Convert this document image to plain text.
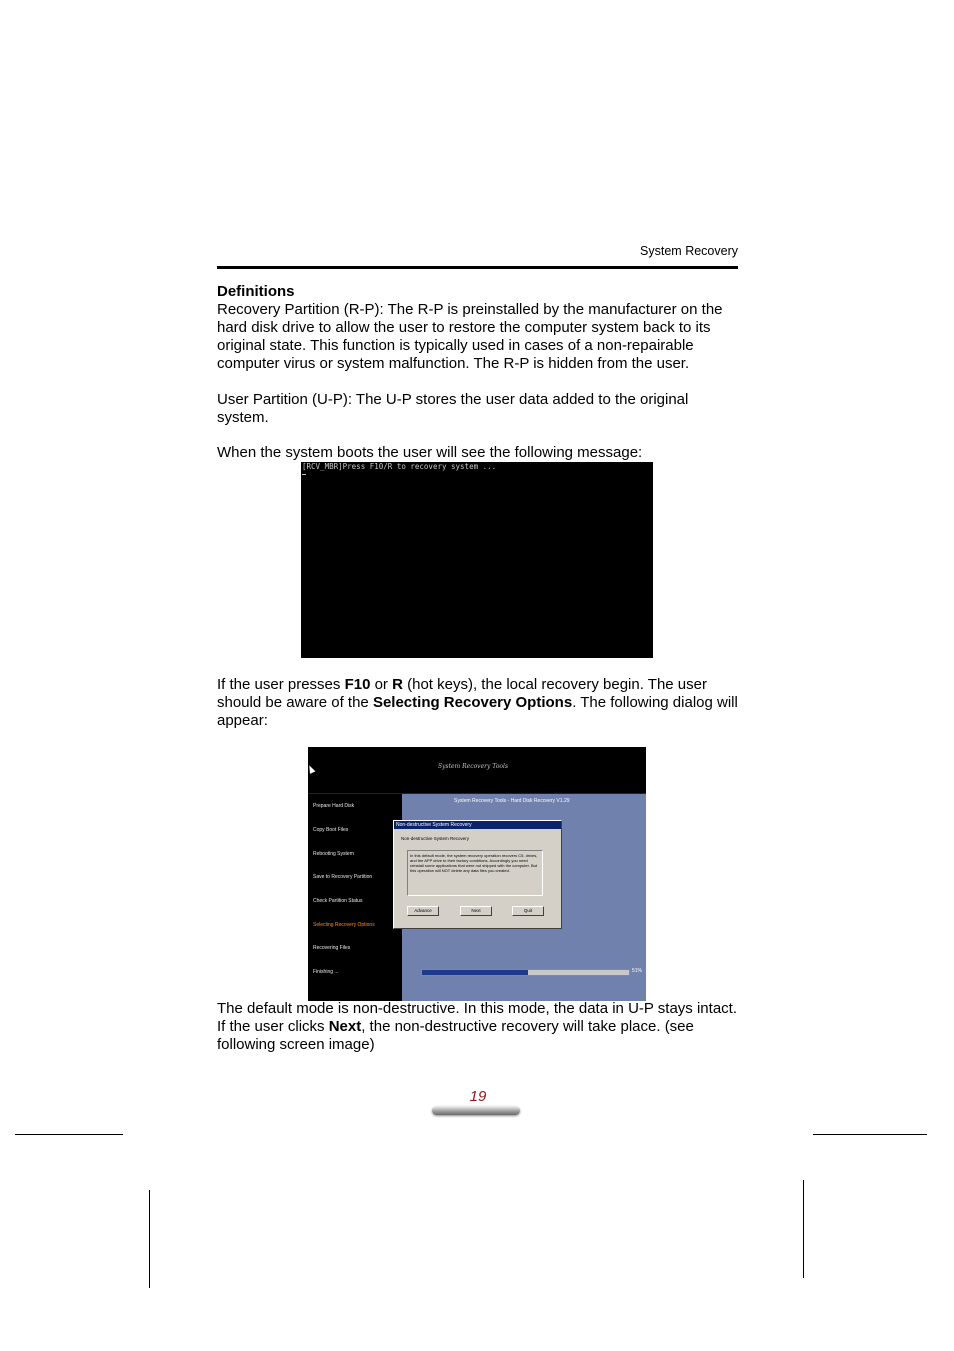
System Recovery

Definitions

Recovery Partition (R-P): The R-P is preinstalled by the manufacturer on the hard disk drive to allow the user to restore the computer system back to its original state. This function is typically used in cases of a non-repairable computer virus or system malfunction. The R-P is hidden from the user.

User Partition (U-P): The U-P stores the user data added to the original system.

When the system boots the user will see the following message:

[RCV_MBR]Press F10/R to recovery system ...

If the user presses F10 or R (hot keys), the local recovery begin. The user should be aware of the Selecting Recovery Options. The following dialog will appear:

System Recovery Tools
Prepare Hard Disk
Copy Boot Files
Rebooting System
Save to Recovery Partition
Check Partition Status
Selecting Recovery Options
Recovering Files
Finishing ...
System Recovery Tools - Hard Disk Recovery V1.29
51%
Non-destructive System Recovery
Non-destructive System Recovery
In this default mode, the system recovery operation recovers C5, drives, and the APP drive to their factory conditions. Accordingly you need reinstall some applications that were not shipped with the computer. But this operation will NOT delete any data files you created.
Advance	Next	Quit

The default mode is non-destructive. In this mode, the data in U-P stays intact. If the user clicks Next, the non-destructive recovery will take place. (see following screen image)

19
